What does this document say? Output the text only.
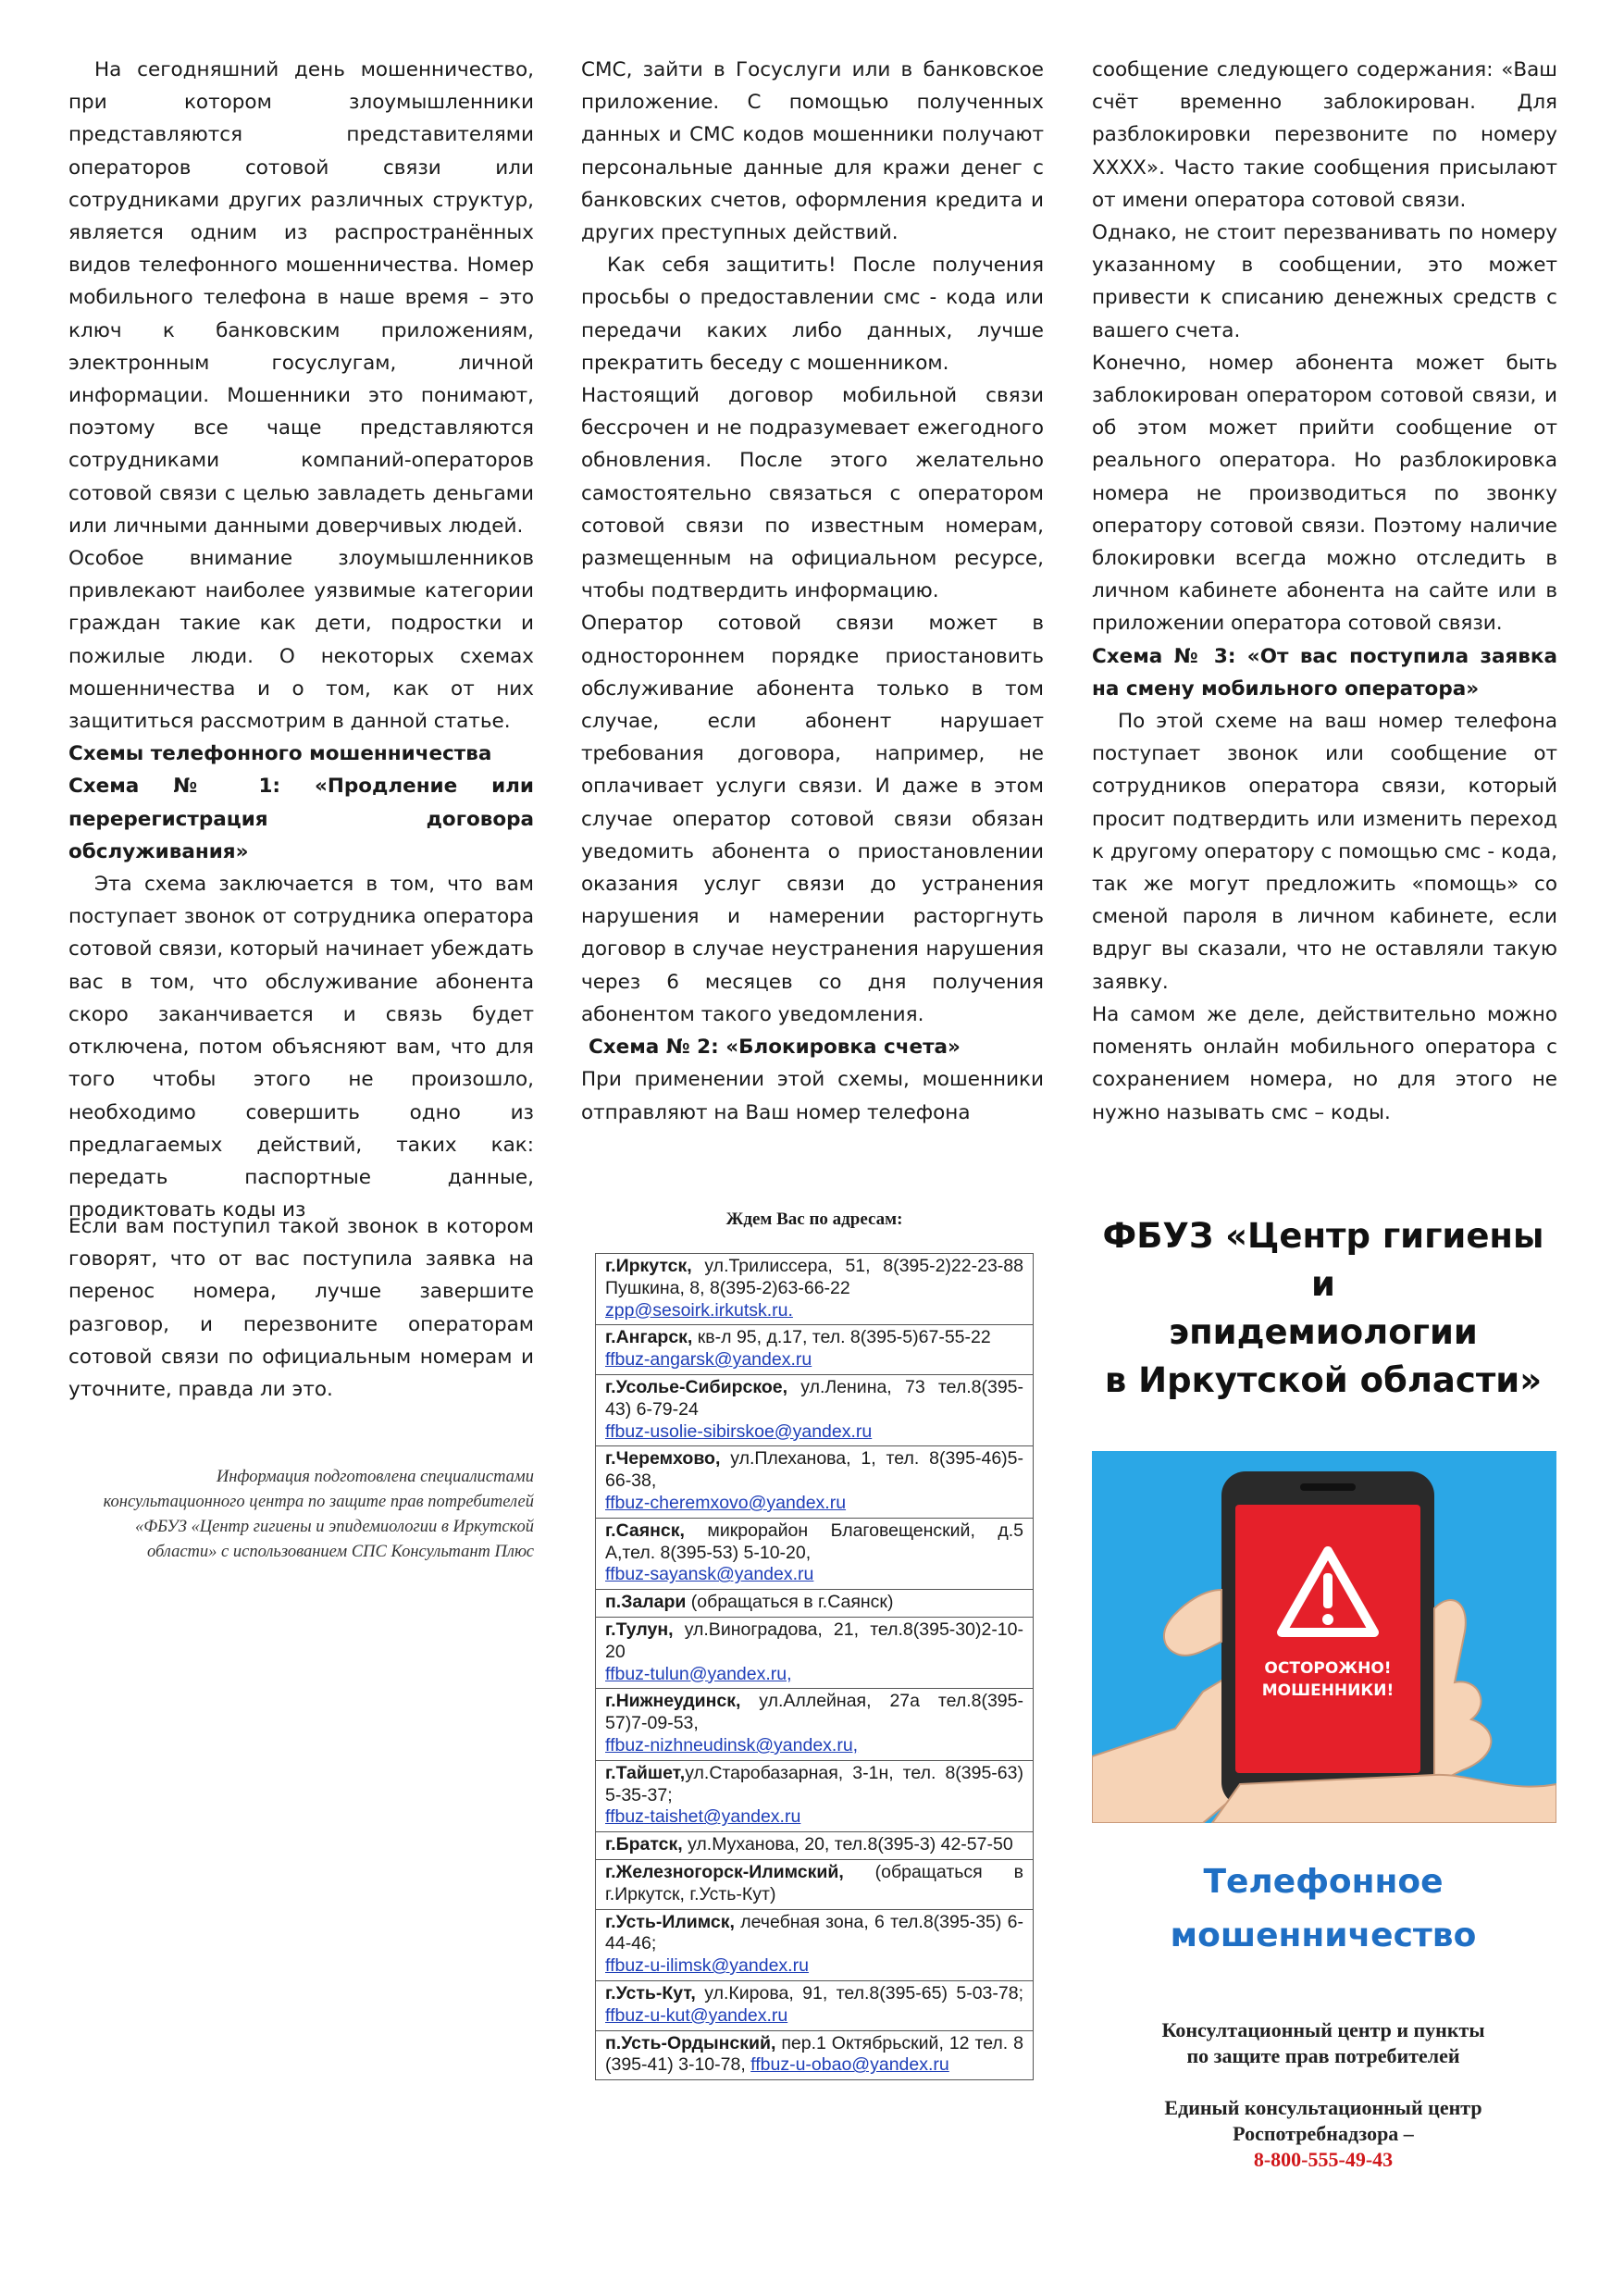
На сегодняшний день мошенничество, при котором злоумышленники представляются представителями операторов сотовой связи или сотрудниками других различных структур, является одним из распространённых видов телефонного мошенничества. Номер мобильного телефона в наше время – это ключ к банковским приложениям, электронным госуслугам, личной информации. Мошенники это понимают, поэтому все чаще представляются сотрудниками компаний-операторов сотовой связи с целью завладеть деньгами или личными данными доверчивых людей.

Особое внимание злоумышленников привлекают наиболее уязвимые категории граждан такие как дети, подростки и пожилые люди. О некоторых схемах мошенничества и о том, как от них защититься рассмотрим в данной статье.

Схемы телефонного мошенничества

Схема № 1: «Продление или перерегистрация договора обслуживания»

Эта схема заключается в том, что вам поступает звонок от сотрудника оператора сотовой связи, который начинает убеждать вас в том, что обслуживание абонента скоро заканчивается и связь будет отключена, потом объясняют вам, что для того чтобы этого не произошло, необходимо совершить одно из предлагаемых действий, таких как: передать паспортные данные, продиктовать коды из

СМС, зайти в Госуслуги или в банковское приложение. С помощью полученных данных и СМС кодов мошенники получают персональные данные для кражи денег с банковских счетов, оформления кредита и других преступных действий.

Как себя защитить! После получения просьбы о предоставлении смс - кода или передачи каких либо данных, лучше прекратить беседу с мошенником.

Настоящий договор мобильной связи бессрочен и не подразумевает ежегодного обновления. После этого желательно самостоятельно связаться с оператором сотовой связи по известным номерам, размещенным на официальном ресурсе, чтобы подтвердить информацию.

Оператор сотовой связи может в одностороннем порядке приостановить обслуживание абонента только в том случае, если абонент нарушает требования договора, например, не оплачивает услуги связи. И даже в этом случае оператор сотовой связи обязан уведомить абонента о приостановлении оказания услуг связи до устранения нарушения и намерении расторгнуть договор в случае неустранения нарушения через 6 месяцев со дня получения абонентом такого уведомления.

Схема № 2: «Блокировка счета»

При применении этой схемы, мошенники отправляют на Ваш номер телефона

сообщение следующего содержания: «Ваш счёт временно заблокирован. Для разблокировки перезвоните по номеру ХХХХ». Часто такие сообщения присылают от имени оператора сотовой связи.

Однако, не стоит перезванивать по номеру указанному в сообщении, это может привести к списанию денежных средств с вашего счета.

Конечно, номер абонента может быть заблокирован оператором сотовой связи, и об этом может прийти сообщение от реального оператора. Но разблокировка номера не производиться по звонку оператору сотовой связи. Поэтому наличие блокировки всегда можно отследить в личном кабинете абонента на сайте или в приложении оператора сотовой связи.

Схема № 3: «От вас поступила заявка на смену мобильного оператора»

По этой схеме на ваш номер телефона поступает звонок или сообщение от сотрудников оператора связи, который просит подтвердить или изменить переход к другому оператору с помощью смс - кода, так же могут предложить «помощь» со сменой пароля в личном кабинете, если вдруг вы сказали, что не оставляли такую заявку.

На самом же деле, действительно можно поменять онлайн мобильного оператора с сохранением номера, но для этого не нужно называть смс – коды.

Если вам поступил такой звонок в котором говорят, что от вас поступила заявка на перенос номера, лучше завершите разговор, и перезвоните операторам сотовой связи по официальным номерам и уточните, правда ли это.

Информация подготовлена специалистами консультационного центра по защите прав потребителей «ФБУЗ «Центр гигиены и эпидемиологии в Иркутской области» с использованием СПС Консультант Плюс
Ждем Вас по адресам:
г.Иркутск, ул.Трилиссера, 51, 8(395-2)22-23-88 Пушкина, 8, 8(395-2)63-66-22
zpp@sesoirk.irkutsk.ru.
г.Ангарск, кв-л 95, д.17, тел. 8(395-5)67-55-22
ffbuz-angarsk@yandex.ru
г.Усолье-Сибирское, ул.Ленина, 73 тел.8(395-43) 6-79-24
ffbuz-usolie-sibirskoe@yandex.ru
г.Черемхово, ул.Плеханова, 1, тел. 8(395-46)5-66-38,
ffbuz-cheremxovo@yandex.ru
г.Саянск, микрорайон Благовещенский, д.5 А,тел. 8(395-53) 5-10-20,
ffbuz-sayansk@yandex.ru
п.Залари (обращаться в г.Саянск)
г.Тулун, ул.Виноградова, 21, тел.8(395-30)2-10-20
ffbuz-tulun@yandex.ru,
г.Нижнеудинск, ул.Аллейная, 27а тел.8(395-57)7-09-53,
ffbuz-nizhneudinsk@yandex.ru,
г.Тайшет,ул.Старобазарная, 3-1н, тел. 8(395-63) 5-35-37;
ffbuz-taishet@yandex.ru
г.Братск, ул.Муханова, 20, тел.8(395-3) 42-57-50
г.Железногорск-Илимский, (обращаться в г.Иркутск, г.Усть-Кут)
г.Усть-Илимск, лечебная зона, 6 тел.8(395-35) 6-44-46;
ffbuz-u-ilimsk@yandex.ru
г.Усть-Кут, ул.Кирова, 91, тел.8(395-65) 5-03-78; ffbuz-u-kut@yandex.ru
п.Усть-Ордынский, пер.1 Октябрьский, 12 тел. 8 (395-41) 3-10-78, ffbuz-u-obao@yandex.ru
ФБУЗ «Центр гигиены и
эпидемиологии
в Иркутской области»
ОСТОРОЖНО!
МОШЕННИКИ!
Телефонное
мошенничество
Консултационный центр и пункты
по защите прав потребителей
Единый консультационный центр
Роспотребнадзора –
8-800-555-49-43
